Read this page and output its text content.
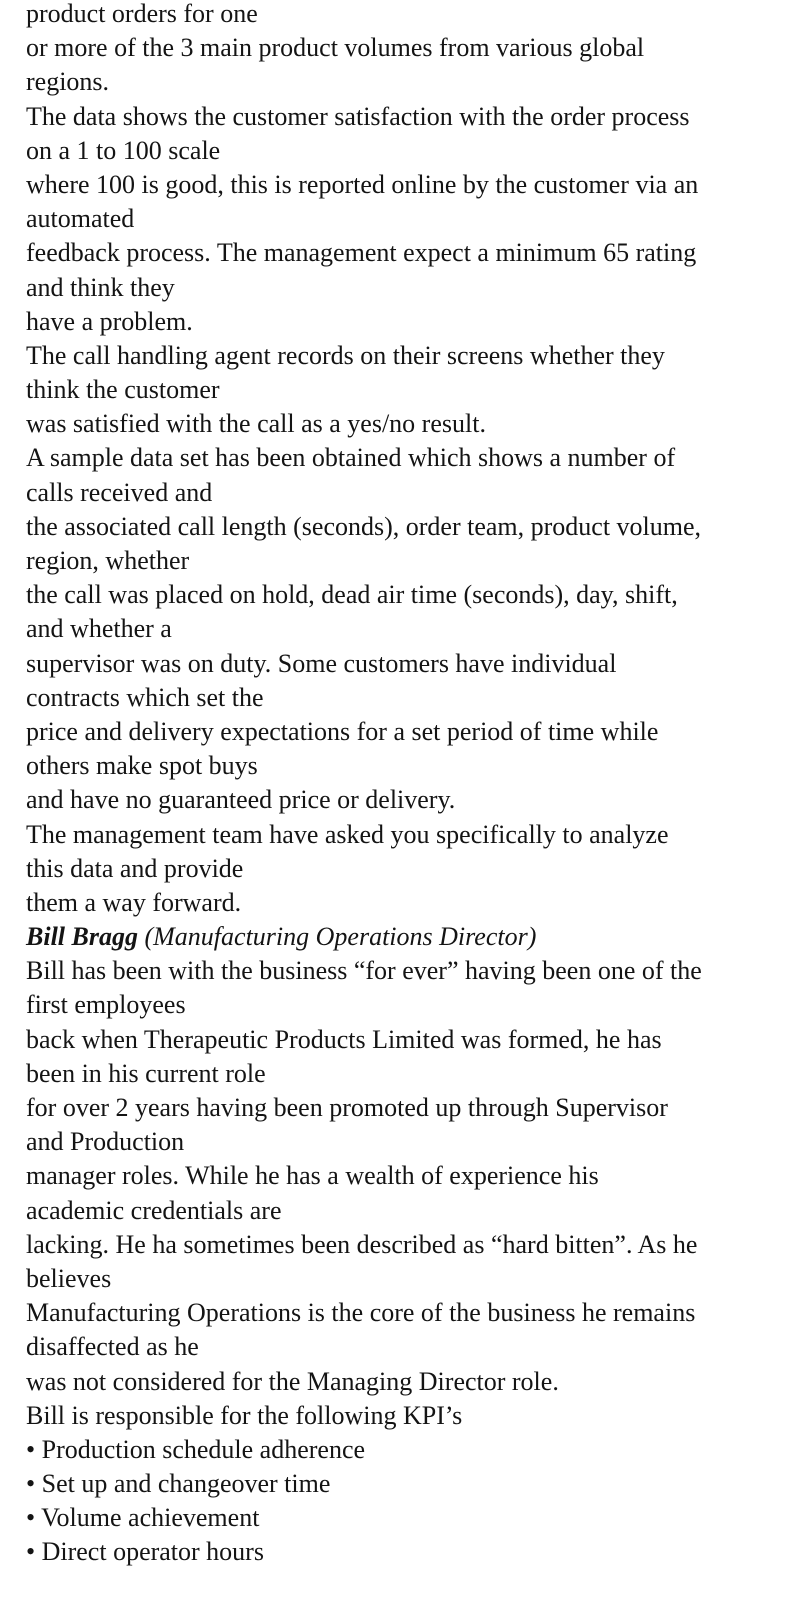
product orders for one
or more of the 3 main product volumes from various global
regions.
The data shows the customer satisfaction with the order process
on a 1 to 100 scale
where 100 is good, this is reported online by the customer via an
automated
feedback process. The management expect a minimum 65 rating
and think they
have a problem.
The call handling agent records on their screens whether they
think the customer
was satisfied with the call as a yes/no result.
A sample data set has been obtained which shows a number of
calls received and
the associated call length (seconds), order team, product volume,
region, whether
the call was placed on hold, dead air time (seconds), day, shift,
and whether a
supervisor was on duty. Some customers have individual
contracts which set the
price and delivery expectations for a set period of time while
others make spot buys
and have no guaranteed price or delivery.
The management team have asked you specifically to analyze
this data and provide
them a way forward.
Bill Bragg (Manufacturing Operations Director)
Bill has been with the business “for ever” having been one of the
first employees
back when Therapeutic Products Limited was formed, he has
been in his current role
for over 2 years having been promoted up through Supervisor
and Production
manager roles. While he has a wealth of experience his
academic credentials are
lacking. He ha sometimes been described as “hard bitten”. As he
believes
Manufacturing Operations is the core of the business he remains
disaffected as he
was not considered for the Managing Director role.
Bill is responsible for the following KPI’s
• Production schedule adherence
• Set up and changeover time
• Volume achievement
• Direct operator hours
